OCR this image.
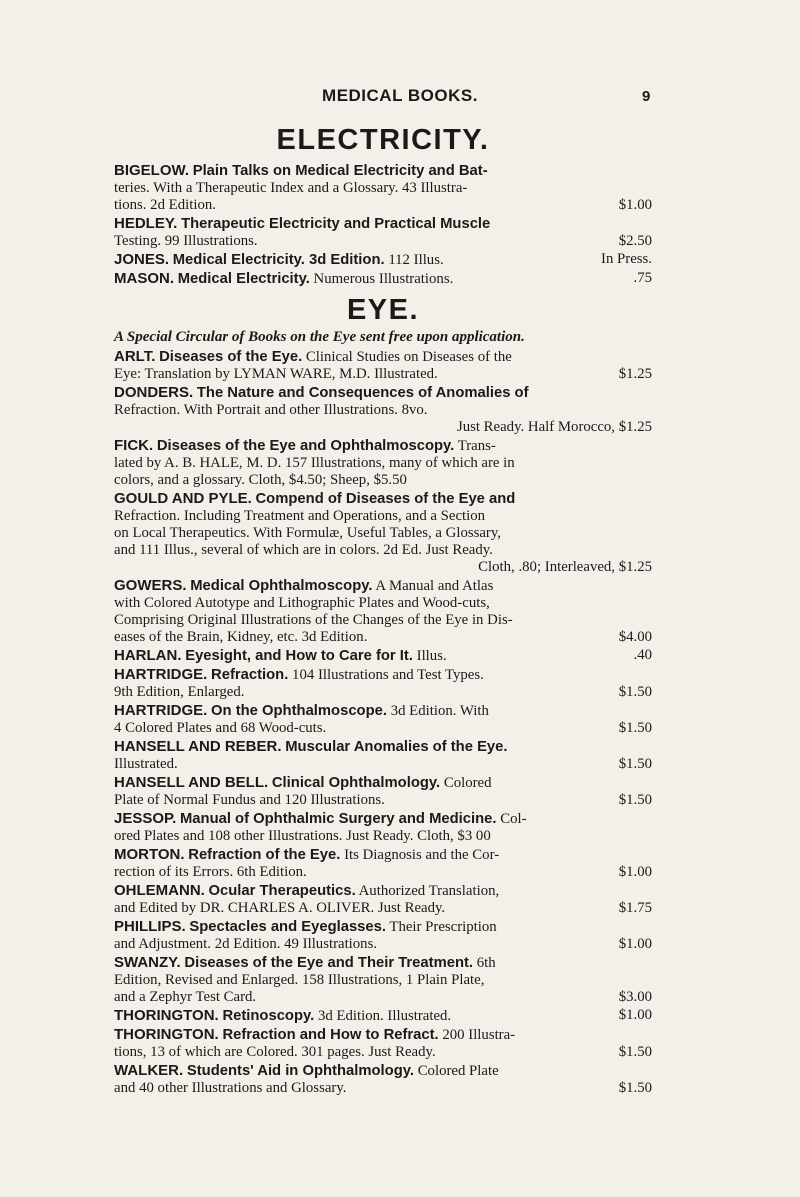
MEDICAL BOOKS.	9
ELECTRICITY.
BIGELOW. Plain Talks on Medical Electricity and Bat-
teries. With a Therapeutic Index and a Glossary. 43 Illustra-
tions. 2d Edition.	$1.00
HEDLEY. Therapeutic Electricity and Practical Muscle
Testing. 99 Illustrations.	$2.50
JONES. Medical Electricity. 3d Edition. 112 Illus.	In Press.
MASON. Medical Electricity. Numerous Illustrations.	.75
EYE.
A Special Circular of Books on the Eye sent free upon application.
ARLT. Diseases of the Eye. Clinical Studies on Diseases of the
Eye: Translation by LYMAN WARE, M.D. Illustrated.	$1.25
DONDERS. The Nature and Consequences of Anomalies of
Refraction. With Portrait and other Illustrations. 8vo.
Just Ready. Half Morocco, $1.25
FICK. Diseases of the Eye and Ophthalmoscopy. Trans-
lated by A. B. HALE, M. D. 157 Illustrations, many of which are in
colors, and a glossary. Cloth, $4.50; Sheep, $5.50
GOULD AND PYLE. Compend of Diseases of the Eye and
Refraction. Including Treatment and Operations, and a Section
on Local Therapeutics. With Formulæ, Useful Tables, a Glossary,
and 111 Illus., several of which are in colors. 2d Ed. Just Ready.
Cloth, .80; Interleaved, $1.25
GOWERS. Medical Ophthalmoscopy. A Manual and Atlas
with Colored Autotype and Lithographic Plates and Wood-cuts,
Comprising Original Illustrations of the Changes of the Eye in Dis-
eases of the Brain, Kidney, etc. 3d Edition.	$4.00
HARLAN. Eyesight, and How to Care for It. Illus.	.40
HARTRIDGE. Refraction. 104 Illustrations and Test Types.
9th Edition, Enlarged.	$1.50
HARTRIDGE. On the Ophthalmoscope. 3d Edition. With
4 Colored Plates and 68 Wood-cuts.	$1.50
HANSELL AND REBER. Muscular Anomalies of the Eye.
Illustrated.	$1.50
HANSELL AND BELL. Clinical Ophthalmology. Colored
Plate of Normal Fundus and 120 Illustrations.	$1.50
JESSOP. Manual of Ophthalmic Surgery and Medicine. Col-
ored Plates and 108 other Illustrations. Just Ready. Cloth, $3 00
MORTON. Refraction of the Eye. Its Diagnosis and the Cor-
rection of its Errors. 6th Edition.	$1.00
OHLEMANN. Ocular Therapeutics. Authorized Translation,
and Edited by DR. CHARLES A. OLIVER. Just Ready.	$1.75
PHILLIPS. Spectacles and Eyeglasses. Their Prescription
and Adjustment. 2d Edition. 49 Illustrations.	$1.00
SWANZY. Diseases of the Eye and Their Treatment. 6th
Edition, Revised and Enlarged. 158 Illustrations, 1 Plain Plate,
and a Zephyr Test Card.	$3.00
THORINGTON. Retinoscopy. 3d Edition. Illustrated.	$1.00
THORINGTON. Refraction and How to Refract. 200 Illustra-
tions, 13 of which are Colored. 301 pages. Just Ready.	$1.50
WALKER. Students' Aid in Ophthalmology. Colored Plate
and 40 other Illustrations and Glossary.	$1.50
